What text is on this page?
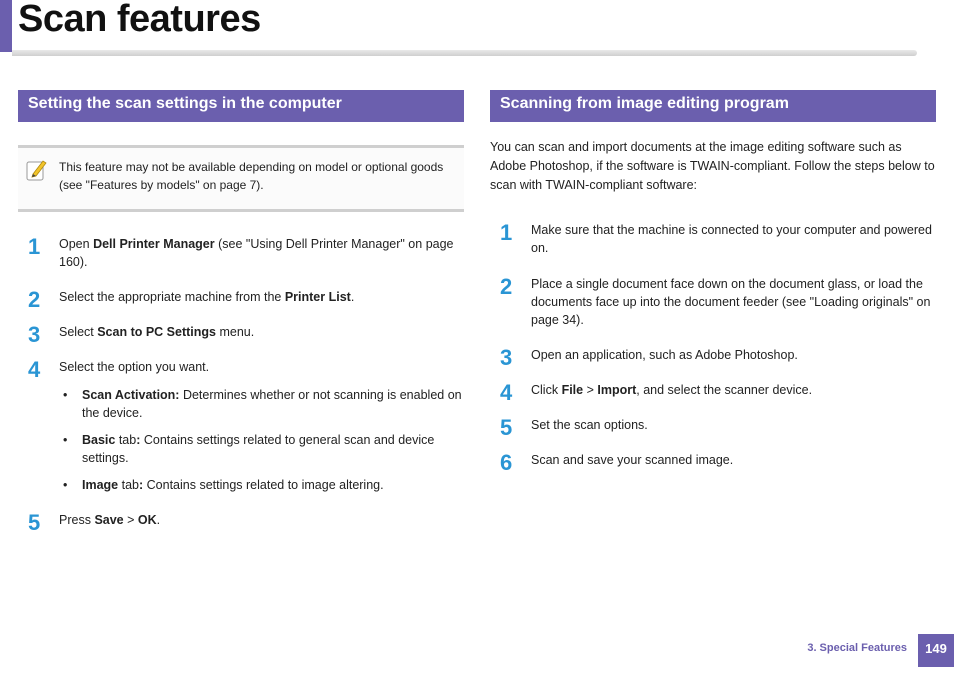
Scan features
Setting the scan settings in the computer
This feature may not be available depending on model or optional goods (see "Features by models" on page 7).
1	Open Dell Printer Manager (see "Using Dell Printer Manager" on page 160).
2	Select the appropriate machine from the Printer List.
3	Select Scan to PC Settings menu.
4	Select the option you want.
•	Scan Activation: Determines whether or not scanning is enabled on the device.
•	Basic tab: Contains settings related to general scan and device settings.
•	Image tab: Contains settings related to image altering.
5	Press Save > OK.
Scanning from image editing program
You can scan and import documents at the image editing software such as Adobe Photoshop, if the software is TWAIN-compliant. Follow the steps below to scan with TWAIN-compliant software:
1	Make sure that the machine is connected to your computer and powered on.
2	Place a single document face down on the document glass, or load the documents face up into the document feeder (see "Loading originals" on page 34).
3	Open an application, such as Adobe Photoshop.
4	Click File > Import, and select the scanner device.
5	Set the scan options.
6	Scan and save your scanned image.
3. Special Features	149
